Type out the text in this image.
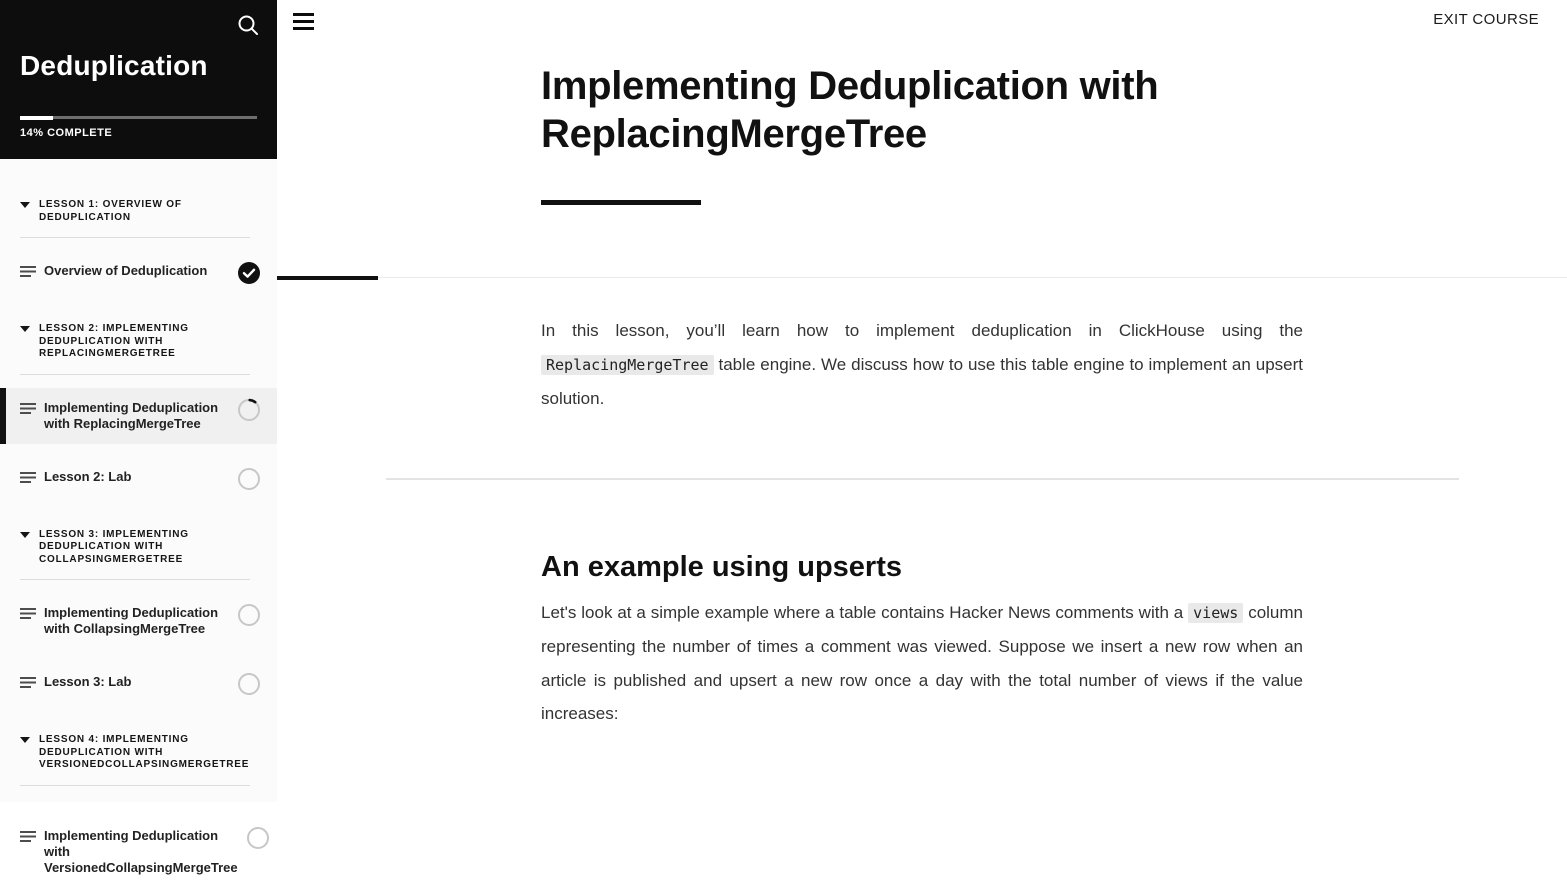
Deduplication
14% COMPLETE
LESSON 1: OVERVIEW OF DEDUPLICATION
Overview of Deduplication
LESSON 2: IMPLEMENTING DEDUPLICATION WITH REPLACINGMERGETREE
Implementing Deduplication with ReplacingMergeTree
Lesson 2: Lab
LESSON 3: IMPLEMENTING DEDUPLICATION WITH COLLAPSINGMERGETREE
Implementing Deduplication with CollapsingMergeTree
Lesson 3: Lab
LESSON 4: IMPLEMENTING DEDUPLICATION WITH VERSIONEDCOLLAPSINGMERGETREE
Implementing Deduplication with VersionedCollapsingMergeTree
EXIT COURSE
Implementing Deduplication with ReplacingMergeTree

In this lesson, you’ll learn how to implement deduplication in ClickHouse using the ReplacingMergeTree table engine. We discuss how to use this table engine to implement an upsert solution.

An example using upserts

Let's look at a simple example where a table contains Hacker News comments with a views column representing the number of times a comment was viewed. Suppose we insert a new row when an article is published and upsert a new row once a day with the total number of views if the value increases:
